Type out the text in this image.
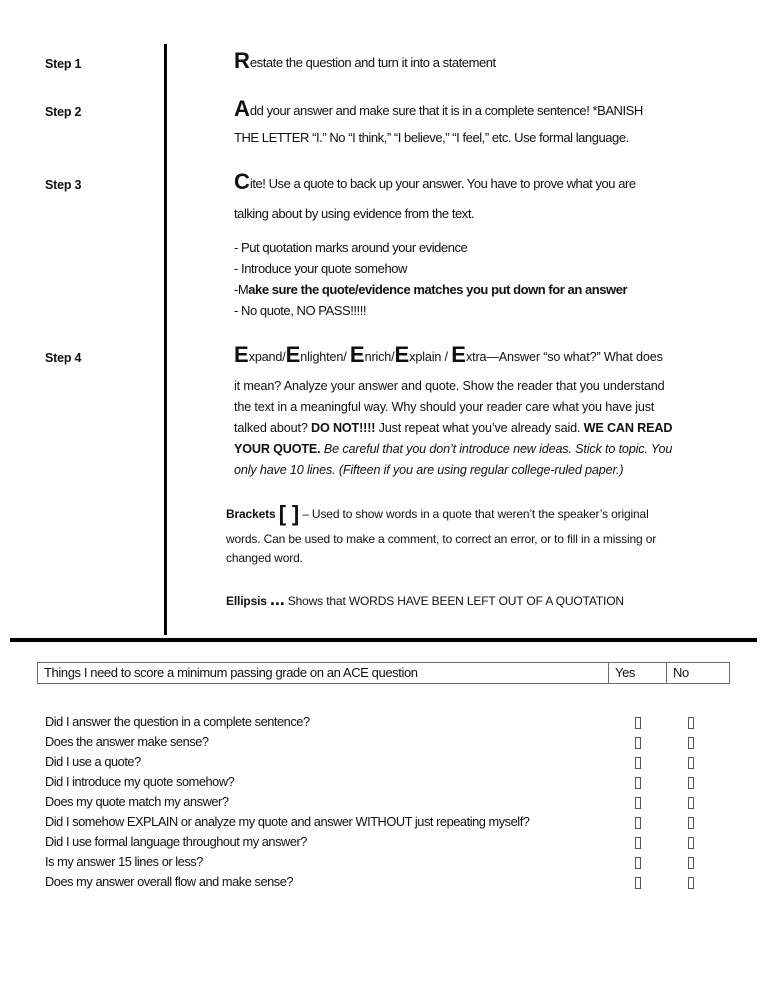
Step 1
Step 2
Step 3
Step 4
Restate the question and turn it into a statement
Add your answer and make sure that it is in a complete sentence! *BANISH
THE LETTER “I.” No “I think,” “I believe,” “I feel,” etc. Use formal language.
Cite! Use a quote to back up your answer. You have to prove what you are
talking about by using evidence from the text.
- Put quotation marks around your evidence
- Introduce your quote somehow
-Make sure the quote/evidence matches you put down for an answer
- No quote, NO PASS!!!!!
Expand/Enlighten/ Enrich/Explain / Extra—Answer “so what?” What does
it mean? Analyze your answer and quote. Show the reader that you understand
the text in a meaningful way. Why should your reader care what you have just
talked about? DO NOT!!!! Just repeat what you’ve already said. WE CAN READ
YOUR QUOTE. Be careful that you don’t introduce new ideas. Stick to topic. You
only have 10 lines. (Fifteen if you are using regular college-ruled paper.)
Brackets [ ] – Used to show words in a quote that weren’t the speaker’s original
words. Can be used to make a comment, to correct an error, or to fill in a missing or
changed word.
Ellipsis ... Shows that WORDS HAVE BEEN LEFT OUT OF A QUOTATION
Things I need to score a minimum passing grade on an ACE question	Yes	No
Did I answer the question in a complete sentence?
Does the answer make sense?
Did I use a quote?
Did I introduce my quote somehow?
Does my quote match my answer?
Did I somehow EXPLAIN or analyze my quote and answer WITHOUT just repeating myself?
Did I use formal language throughout my answer?
Is my answer 15 lines or less?
Does my answer overall flow and make sense?
